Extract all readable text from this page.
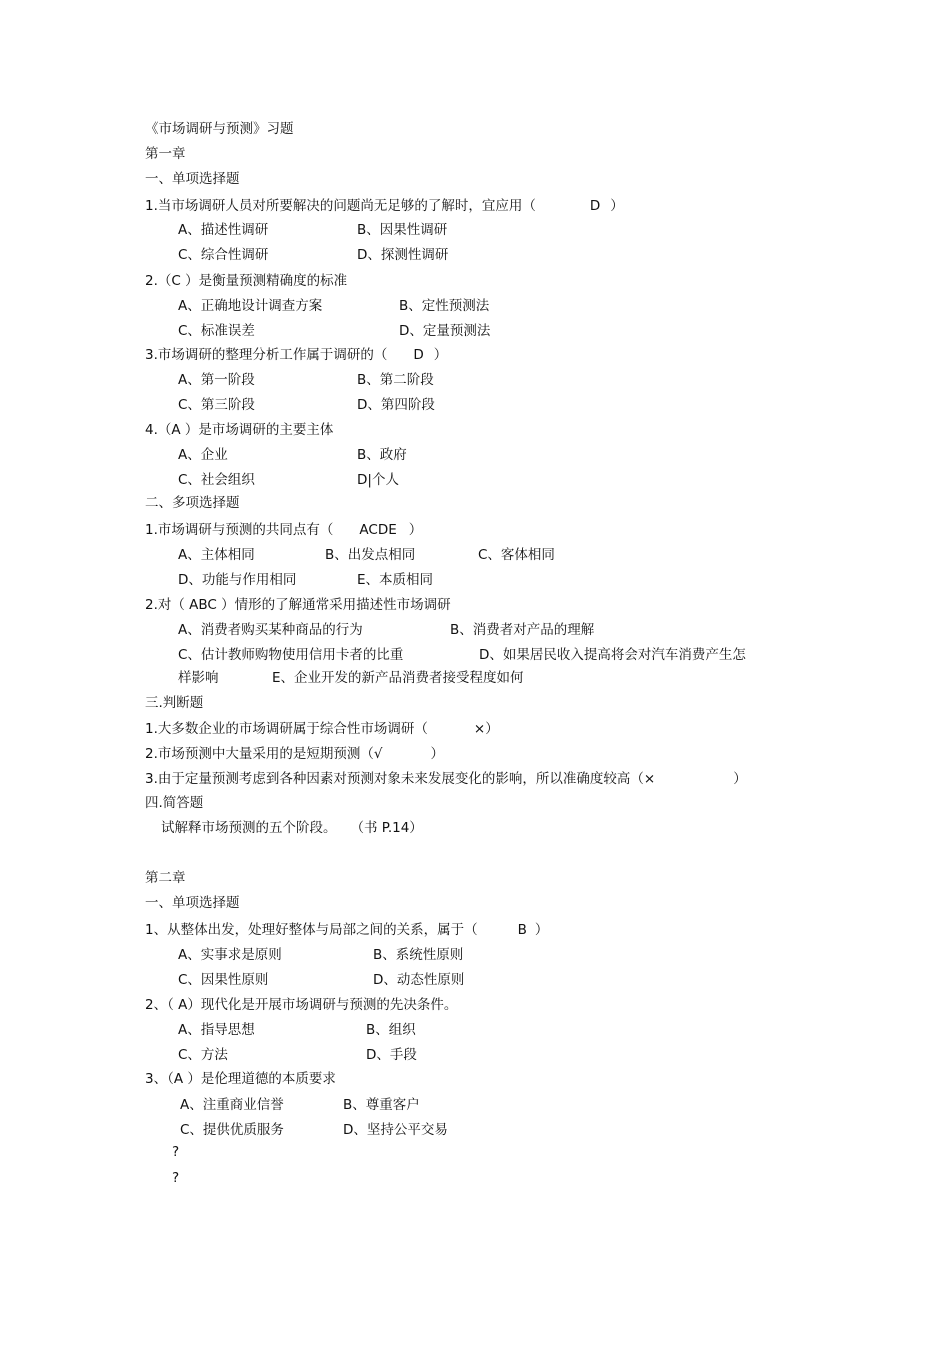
《市场调研与预测》习题
第一章
一、单项选择题
1.当市场调研人员对所要解决的问题尚无足够的了解时，宜应用（	D ）
A、描述性调研	B、因果性调研
C、综合性调研	D、探测性调研
2.（C ）是衡量预测精确度的标准
A、正确地设计调查方案	B、定性预测法
C、标准误差	D、定量预测法
3.市场调研的整理分析工作属于调研的（ D ）
A、第一阶段	B、第二阶段
C、第三阶段	D、第四阶段
4.（A ）是市场调研的主要主体
A、企业	B、政府
C、社会组织	D|个人
二、多项选择题
1.市场调研与预测的共同点有（ ACDE ）
A、主体相同	B、出发点相同	C、客体相同
D、功能与作用相同	E、本质相同
2.对（ ABC ）情形的了解通常采用描述性市场调研
A、消费者购买某种商品的行为	B、消费者对产品的理解
C、估计教师购物使用信用卡者的比重	D、如果居民收入提高将会对汽车消费产生怎
样影响	E、企业开发的新产品消费者接受程度如何
三.判断题
1.大多数企业的市场调研属于综合性市场调研（	×）
2.市场预测中大量采用的是短期预测（√	）
3.由于定量预测考虑到各种因素对预测对象未来发展变化的影响，所以准确度较高（×	）
四.简答题
试解释市场预测的五个阶段。 （书 P.14）
第二章
一、单项选择题
1、从整体出发，处理好整体与局部之间的关系，属于（	B ）
A、实事求是原则	B、系统性原则
C、因果性原则	D、动态性原则
2、（ A）现代化是开展市场调研与预测的先决条件。
A、指导思想	B、组织
C、方法	D、手段
3、（A ）是伦理道德的本质要求
A、注重商业信誉	B、尊重客户
C、提供优质服务	D、坚持公平交易
?
?
